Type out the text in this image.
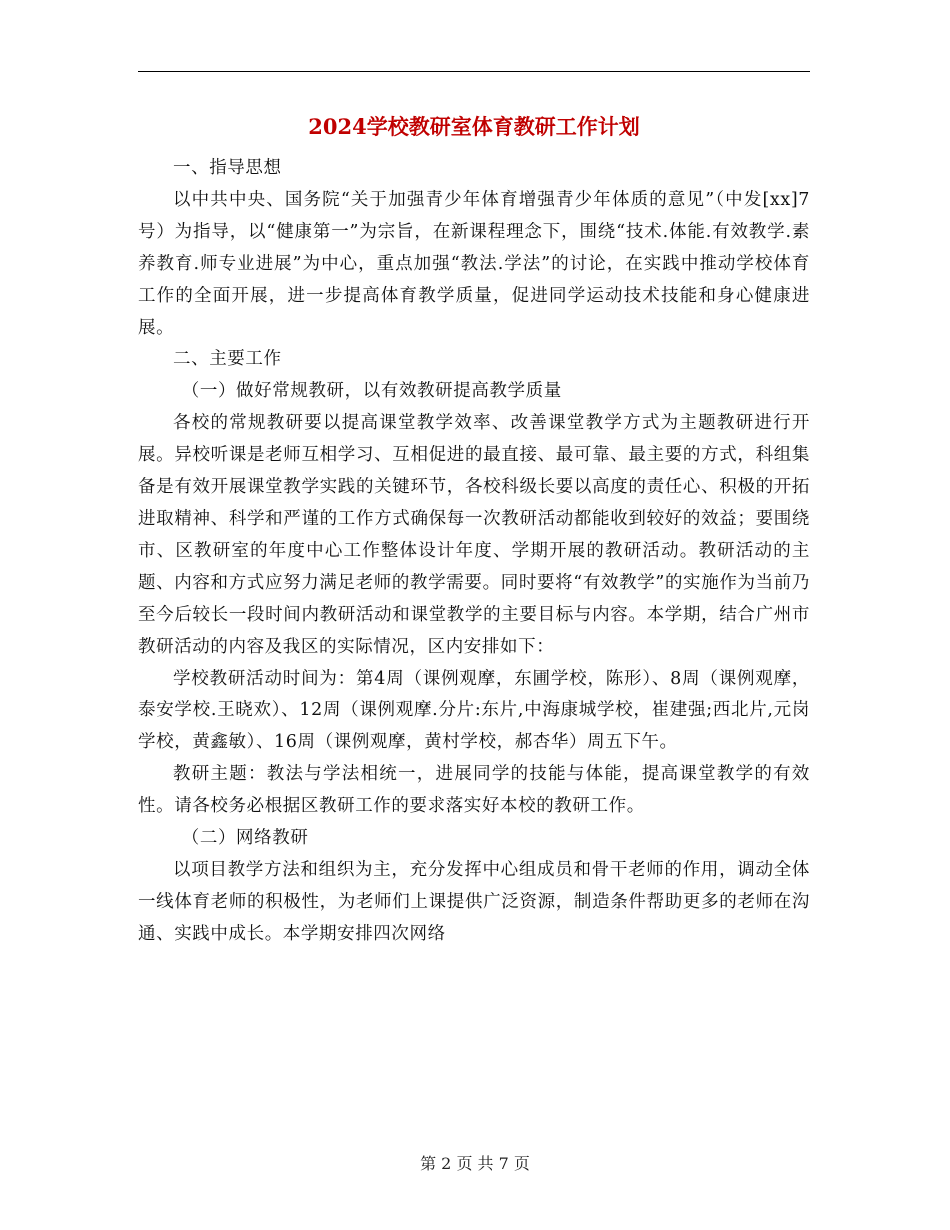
2024学校教研室体育教研工作计划

一、指导思想

以中共中央、国务院“关于加强青少年体育增强青少年体质的意见”（中发[xx]7号）为指导，以“健康第一”为宗旨，在新课程理念下，围绕“技术.体能.有效教学.素养教育.师专业进展”为中心，重点加强“教法.学法”的讨论，在实践中推动学校体育工作的全面开展，进一步提高体育教学质量，促进同学运动技术技能和身心健康进展。

二、主要工作

（一）做好常规教研，以有效教研提高教学质量

各校的常规教研要以提高课堂教学效率、改善课堂教学方式为主题教研进行开展。异校听课是老师互相学习、互相促进的最直接、最可靠、最主要的方式，科组集备是有效开展课堂教学实践的关键环节，各校科级长要以高度的责任心、积极的开拓进取精神、科学和严谨的工作方式确保每一次教研活动都能收到较好的效益；要围绕市、区教研室的年度中心工作整体设计年度、学期开展的教研活动。教研活动的主题、内容和方式应努力满足老师的教学需要。同时要将“有效教学”的实施作为当前乃至今后较长一段时间内教研活动和课堂教学的主要目标与内容。本学期，结合广州市教研活动的内容及我区的实际情况，区内安排如下：

学校教研活动时间为：第4周（课例观摩，东圃学校，陈形）、8周（课例观摩，泰安学校.王晓欢）、12周（课例观摩.分片:东片,中海康城学校，崔建强;西北片,元岗学校，黄鑫敏）、16周（课例观摩，黄村学校，郝杏华）周五下午。

教研主题：教法与学法相统一，进展同学的技能与体能，提高课堂教学的有效性。请各校务必根据区教研工作的要求落实好本校的教研工作。

（二）网络教研

以项目教学方法和组织为主，充分发挥中心组成员和骨干老师的作用，调动全体一线体育老师的积极性，为老师们上课提供广泛资源，制造条件帮助更多的老师在沟通、实践中成长。本学期安排四次网络

第 2 页 共 7 页
